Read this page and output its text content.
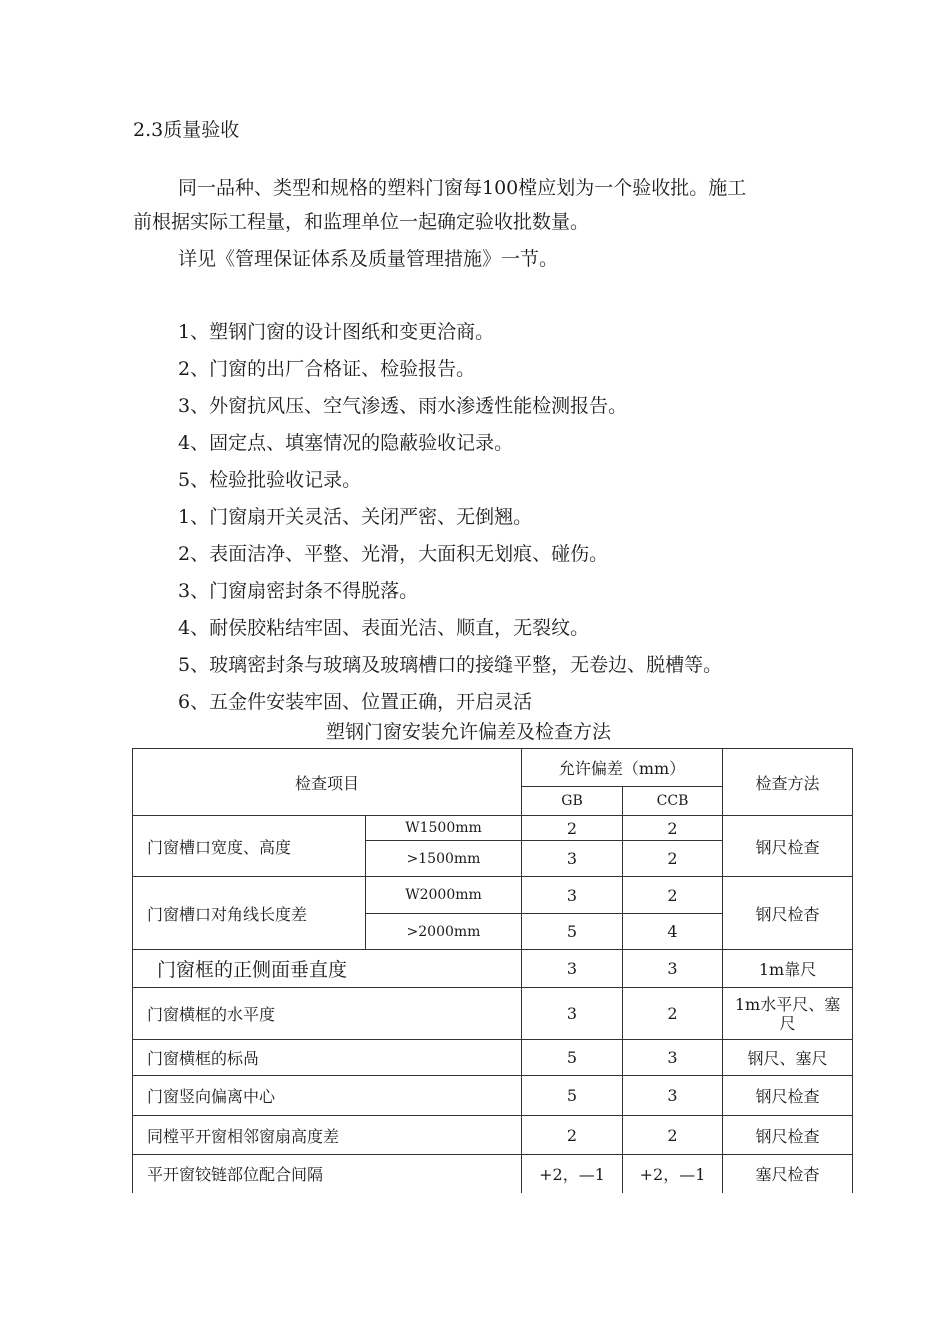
2.3质量验收
同一品种、类型和规格的塑料门窗每100樘应划为一个验收批。施工
前根据实际工程量，和监理单位一起确定验收批数量。
详见《管理保证体系及质量管理措施》一节。
1、塑钢门窗的设计图纸和变更洽商。
2、门窗的出厂合格证、检验报告。
3、外窗抗风压、空气渗透、雨水渗透性能检测报告。
4、固定点、填塞情况的隐蔽验收记录。
5、检验批验收记录。
1、门窗扇开关灵活、关闭严密、无倒翘。
2、表面洁净、平整、光滑，大面积无划痕、碰伤。
3、门窗扇密封条不得脱落。
4、耐侯胶粘结牢固、表面光洁、顺直，无裂纹。
5、玻璃密封条与玻璃及玻璃槽口的接缝平整，无卷边、脱槽等。
6、五金件安装牢固、位置正确，开启灵活
塑钢门窗安装允许偏差及检查方法
检查项目		允许偏差（mm）		检查方法
		GB	CCB	
门窗槽口宽度、高度	W1500mm	2	2	钢尺检查
	>1500mm	3	2	
门窗槽口对角线长度差	W2000mm	3	2	钢尺检杳
	>2000mm	5	4	
门窗框的正侧面垂直度		3	3	1m靠尺
门窗横框的水平度		3	2	1m水平尺、塞尺
门窗横框的标咼		5	3	钢尺、塞尺
门窗竖向偏离中心		5	3	钢尺检查
同樘平开窗相邻窗扇高度差		2	2	钢尺检查
平开窗铰链部位配合间隔		+2，—1	+2，—1	塞尺检杳
